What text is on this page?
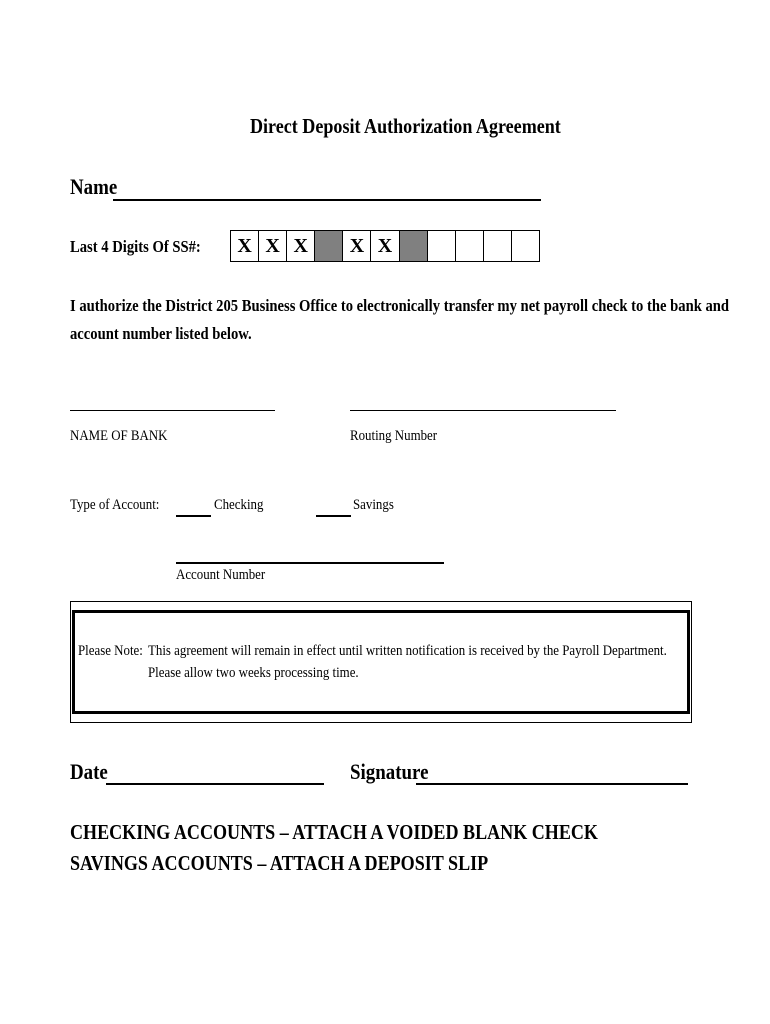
Direct Deposit Authorization Agreement
Name
Last 4 Digits Of SS#:	X X X	X X
I authorize the District 205 Business Office to electronically transfer my net payroll check to the bank and
account number listed below.
NAME OF BANK	Routing Number
Type of Account:	Checking	Savings
Account Number
Please Note: This agreement will remain in effect until written notification is received by the Payroll Department.
Please allow two weeks processing time.
Date	Signature
CHECKING ACCOUNTS – ATTACH A VOIDED BLANK CHECK
SAVINGS ACCOUNTS – ATTACH A DEPOSIT SLIP
